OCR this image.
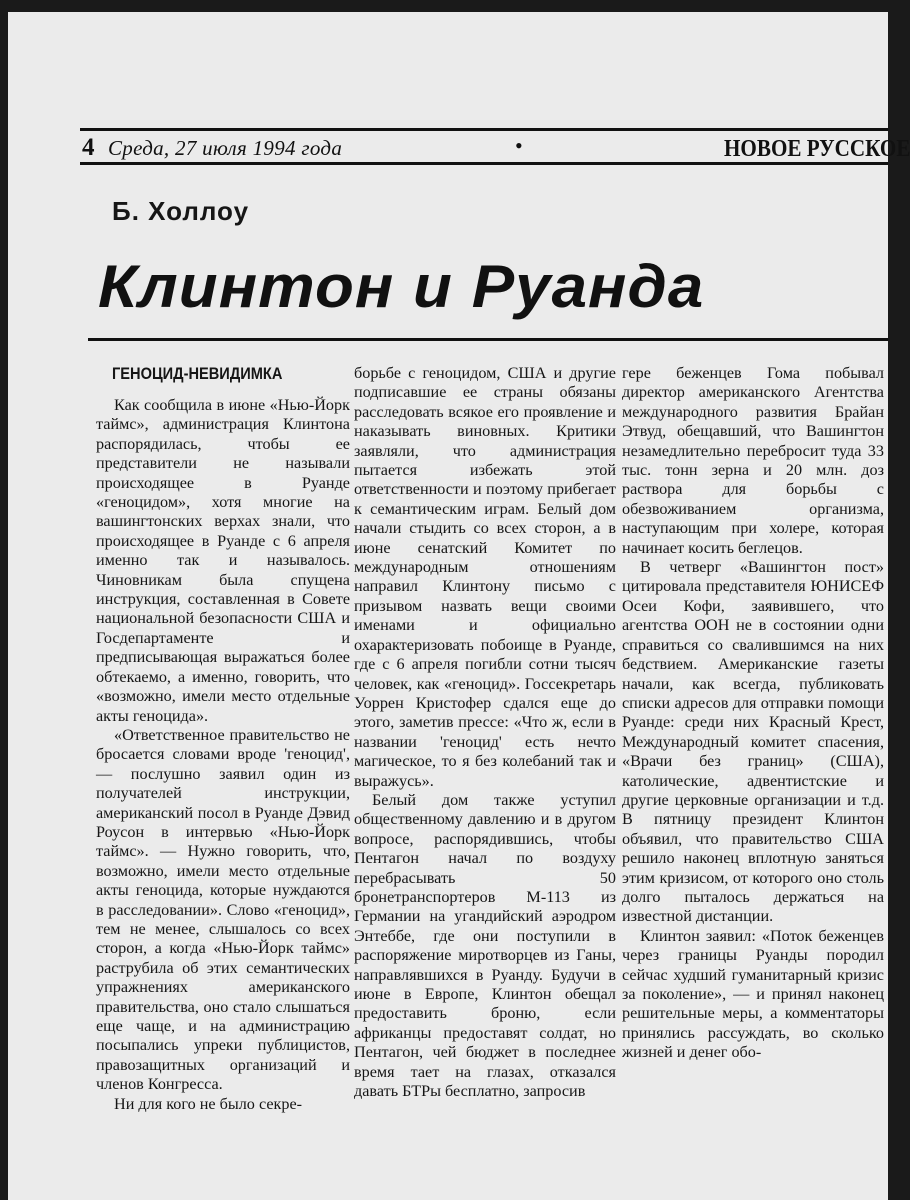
4 Среда, 27 июля 1994 года	•	НОВОЕ РУССКОЕ
Б. Холлоу
Клинтон и Руанда
ГЕНОЦИД-НЕВИДИМКА

Как сообщила в июне «Нью-Йорк таймс», администрация Клинтона распорядилась, чтобы ее представители не называли происходящее в Руанде «геноцидом», хотя многие на вашингтонских верхах знали, что происходящее в Руанде с 6 апреля именно так и называлось. Чиновникам была спущена инструкция, составленная в Совете национальной безопасности США и Госдепартаменте и предписывающая выражаться более обтекаемо, а именно, говорить, что «возможно, имели место отдельные акты геноцида».

«Ответственное правительство не бросается словами вроде 'геноцид', — послушно заявил один из получателей инструкции, американский посол в Руанде Дэвид Роусон в интервью «Нью-Йорк таймс». — Нужно говорить, что, возможно, имели место отдельные акты геноцида, которые нуждаются в расследовании». Слово «геноцид», тем не менее, слышалось со всех сторон, а когда «Нью-Йорк таймс» раструбила об этих семантических упражнениях американского правительства, оно стало слышаться еще чаще, и на администрацию посыпались упреки публицистов, правозащитных организаций и членов Конгресса.

Ни для кого не было секре-

борьбе с геноцидом, США и другие подписавшие ее страны обязаны расследовать всякое его проявление и наказывать виновных. Критики заявляли, что администрация пытается избежать этой ответственности и поэтому прибегает к семантическим играм. Белый дом начали стыдить со всех сторон, а в июне сенатский Комитет по международным отношениям направил Клинтону письмо с призывом назвать вещи своими именами и официально охарактеризовать побоище в Руанде, где с 6 апреля погибли сотни тысяч человек, как «геноцид». Госсекретарь Уоррен Кристофер сдался еще до этого, заметив прессе: «Что ж, если в названии 'геноцид' есть нечто магическое, то я без колебаний так и выражусь».

Белый дом также уступил общественному давлению и в другом вопросе, распорядившись, чтобы Пентагон начал по воздуху перебрасывать 50 бронетранспортеров М-113 из Германии на угандийский аэродром Энтеббе, где они поступили в распоряжение миротворцев из Ганы, направлявшихся в Руанду. Будучи в июне в Европе, Клинтон обещал предоставить броню, если африканцы предоставят солдат, но Пентагон, чей бюджет в последнее время тает на глазах, отказался давать БТРы бесплатно, запросив

гере беженцев Гома побывал директор американского Агентства международного развития Брайан Этвуд, обещавший, что Вашингтон незамедлительно перебросит туда 33 тыс. тонн зерна и 20 млн. доз раствора для борьбы с обезвоживанием организма, наступающим при холере, которая начинает косить беглецов.

В четверг «Вашингтон пост» цитировала представителя ЮНИСЕФ Осеи Кофи, заявившего, что агентства ООН не в состоянии одни справиться со свалившимся на них бедствием. Американские газеты начали, как всегда, публиковать списки адресов для отправки помощи Руанде: среди них Красный Крест, Международный комитет спасения, «Врачи без границ» (США), католические, адвентистские и другие церковные организации и т.д. В пятницу президент Клинтон объявил, что правительство США решило наконец вплотную заняться этим кризисом, от которого оно столь долго пыталось держаться на известной дистанции.

Клинтон заявил: «Поток беженцев через границы Руанды породил сейчас худший гуманитарный кризис за поколение», — и принял наконец решительные меры, а комментаторы принялись рассуждать, во сколько жизней и денег обо-
